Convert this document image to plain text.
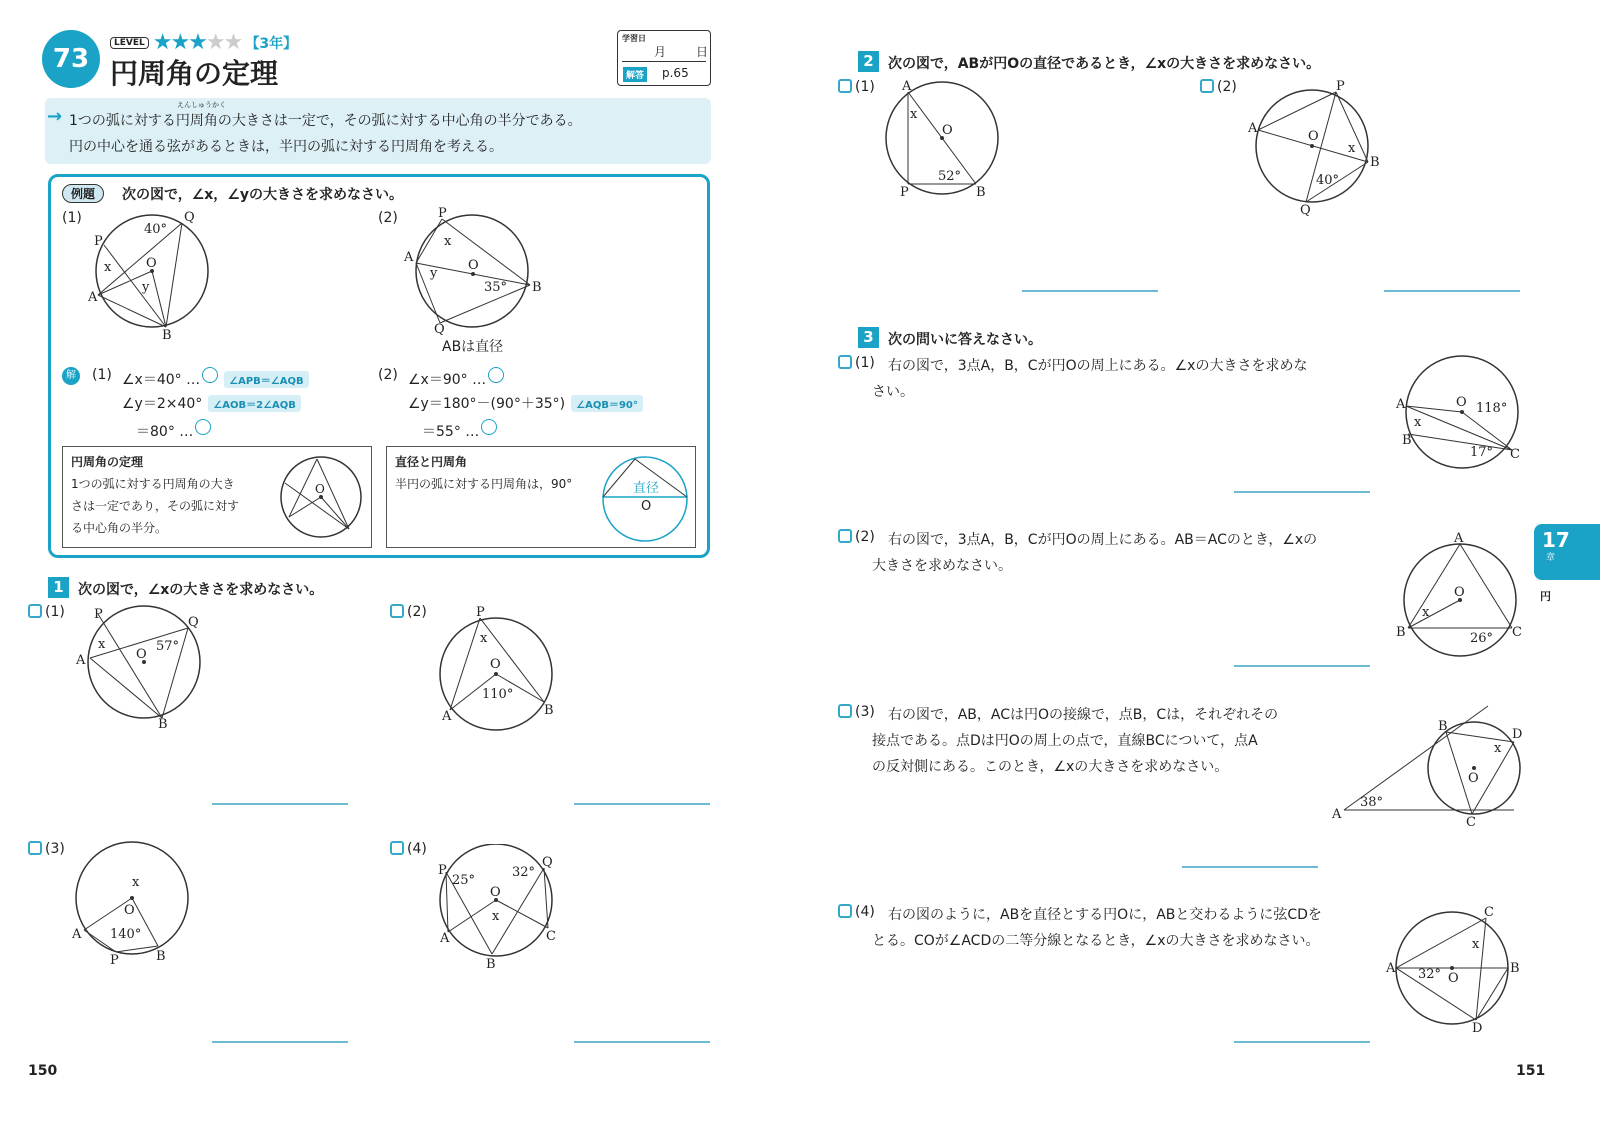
73
LEVEL ★★★★★ 【3年】
円周角の定理
学習日
月 日
解答 p.65
→
えんしゅうかく
1つの弧に対する円周角の大きさは一定で，その弧に対する中心角の半分である。
円の中心を通る弦があるときは，半円の弧に対する円周角を考える。
例題	次の図で，∠x，∠yの大きさを求めなさい。
(1)	(2)
Q
P
A
B
O
40°
x
y
P
A
B
Q
O
x
y
35°
ABは直径
解 (1) ∠x＝40° …	∠APB＝∠AQB
∠y＝2×40° ∠AOB＝2∠AQB
＝80° …
(2) ∠x＝90° …
∠y＝180°－(90°＋35°) ∠AQB＝90°
＝55° …
円周角の定理
1つの弧に対する円周角の大き
さは一定であり，その弧に対す
る中心角の半分。
O
直径と円周角
半円の弧に対する円周角は，90°	直径
O
1	次の図で，∠xの大きさを求めなさい。
(1) P
Q
A
B
O
57°
x
(2)	P
A	B
O
110°
x
(3)
A
P	B
O
140°
x
(4)
P
Q
A
B
C
O
25°
32°
x
150
2	次の図で，ABが円Oの直径であるとき，∠xの大きさを求めなさい。
(1) A
P	B
O
52°
x
(2)	P
A
B
Q
O
40°
x
3	次の問いに答えなさい。
(1) 右の図で，3点A，B，Cが円Oの周上にある。∠xの大きさを求めな
さい。
A
B
C
O 118°
17°
x
(2) 右の図で，3点A，B，Cが円Oの周上にある。AB＝ACのとき，∠xの
大きさを求めなさい。
A
B	C
O
26°
x
(3) 右の図で，AB，ACは円Oの接線で，点B，Cは，それぞれその
接点である。点Dは円Oの周上の点で，直線BCについて，点A
の反対側にある。このとき，∠xの大きさを求めなさい。
A
B
C
D
O
38°
x
(4) 右の図のように，ABを直径とする円Oに，ABと交わるように弦CDを
とる。COが∠ACDの二等分線となるとき，∠xの大きさを求めなさい。
C
A	B
D
O
32°
x
17
章
円
151
